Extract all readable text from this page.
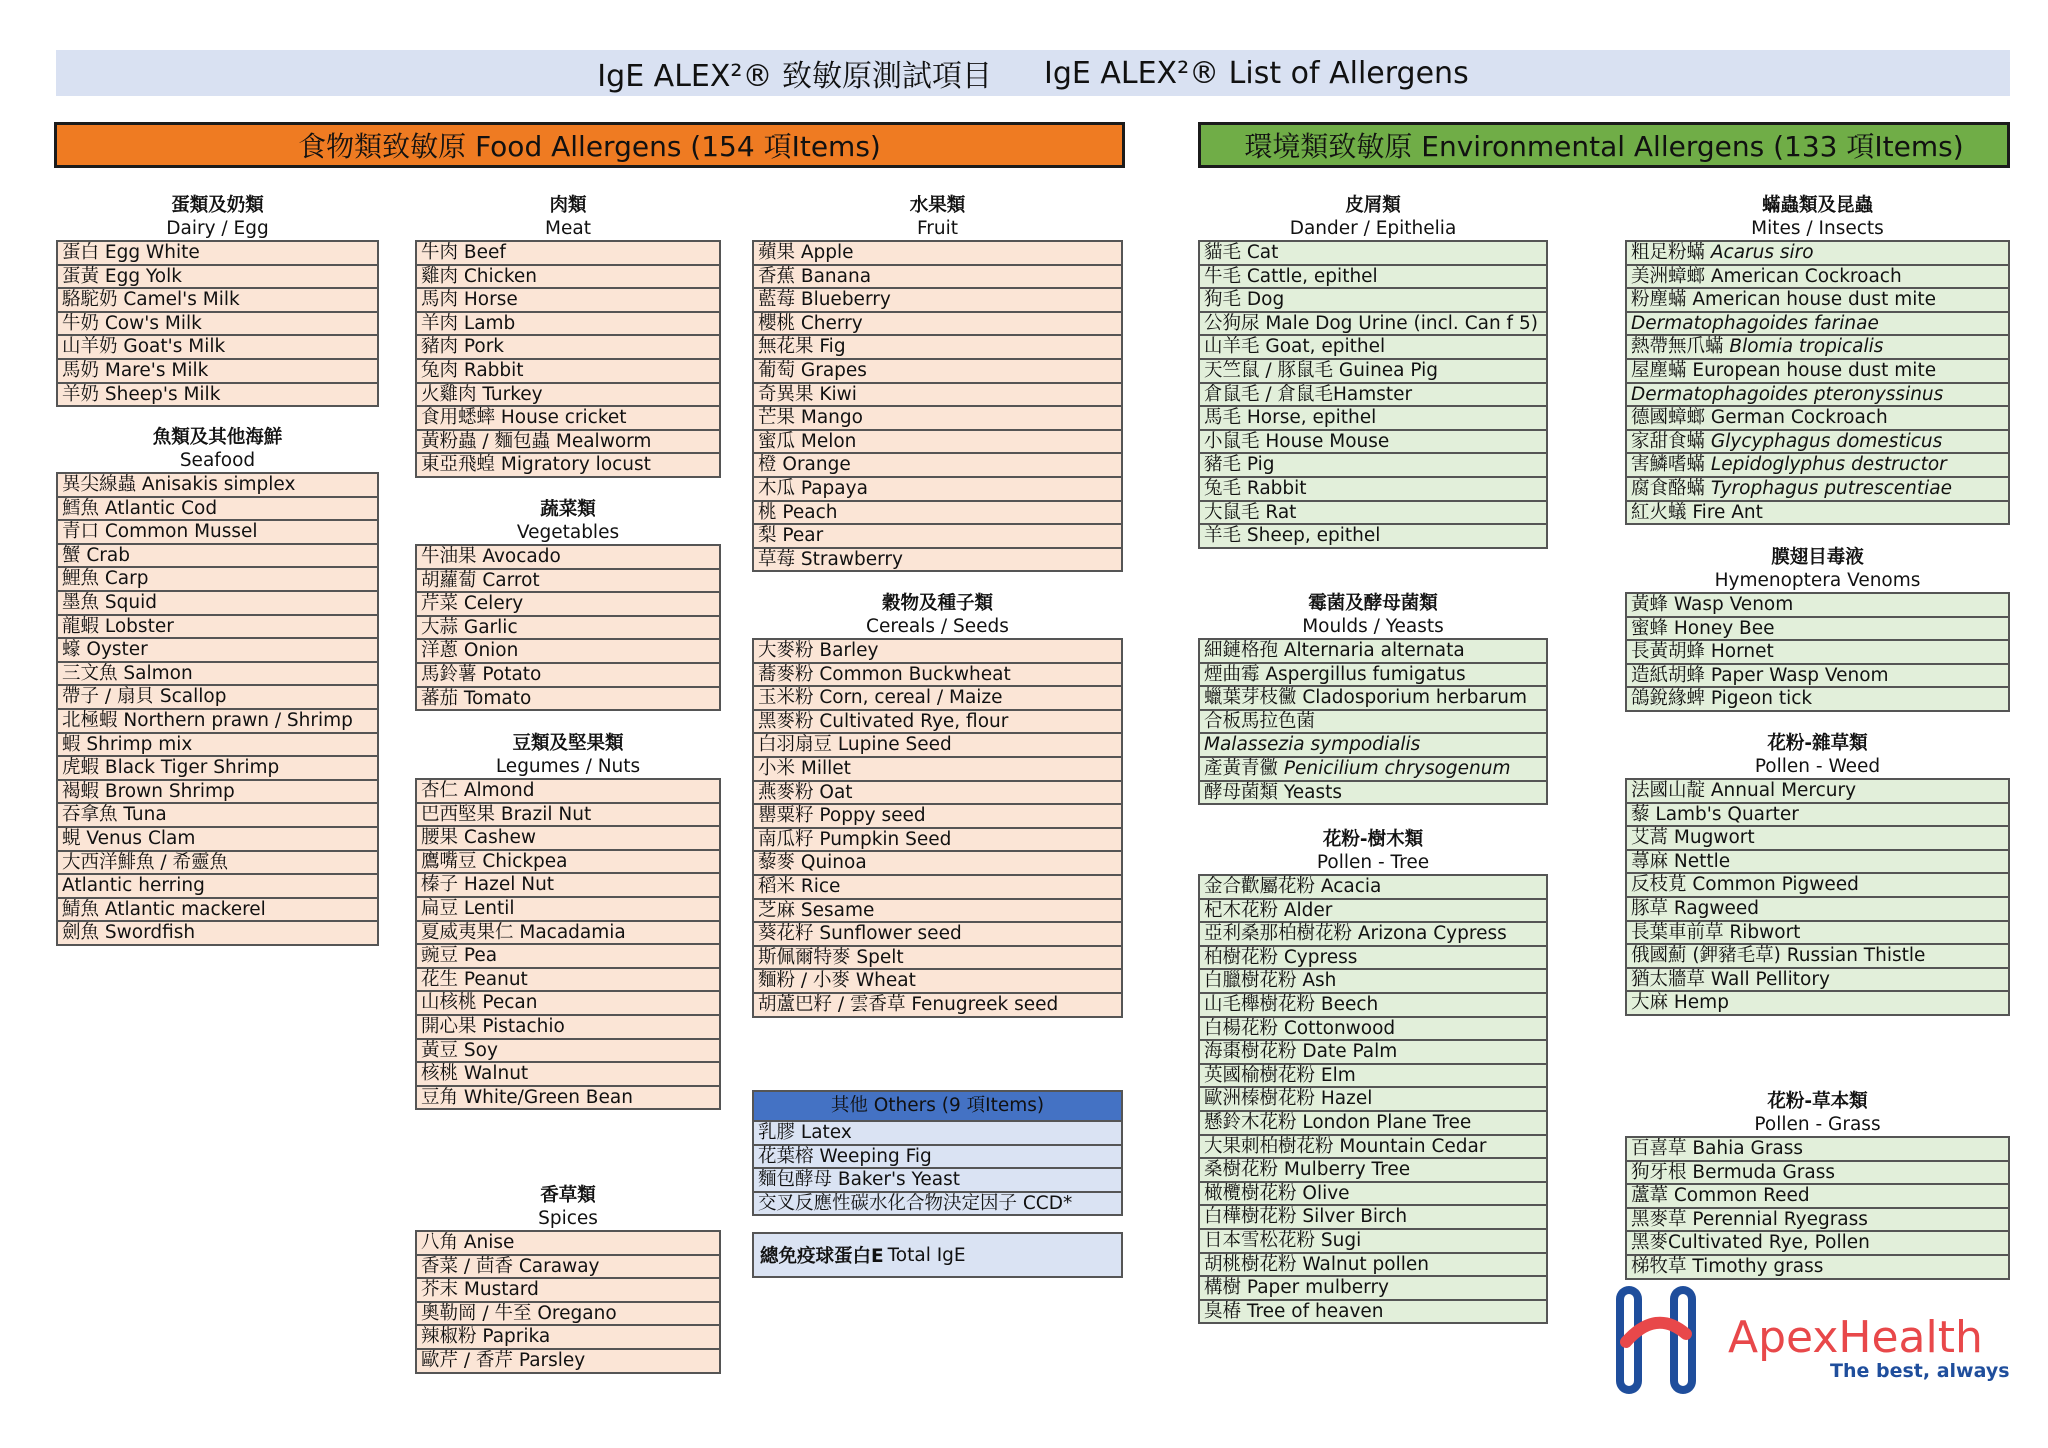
IgE ALEX²® 致敏原測試項目 IgE ALEX²® List of Allergens
食物類致敏原 Food Allergens (154 項Items)	環境類致敏原 Environmental Allergens (133 項Items)
蛋類及奶類
Dairy / Egg
蛋白 Egg White
蛋黃 Egg Yolk
駱駝奶 Camel's Milk
牛奶 Cow's Milk
山羊奶 Goat's Milk
馬奶 Mare's Milk
羊奶 Sheep's Milk
魚類及其他海鮮
Seafood
異尖線蟲 Anisakis simplex
鱈魚 Atlantic Cod
青口 Common Mussel
蟹 Crab
鯉魚 Carp
墨魚 Squid
龍蝦 Lobster
蠔 Oyster
三文魚 Salmon
帶子 / 扇貝 Scallop
北極蝦 Northern prawn / Shrimp
蝦 Shrimp mix
虎蝦 Black Tiger Shrimp
褐蝦 Brown Shrimp
吞拿魚 Tuna
蜆 Venus Clam
大西洋鯡魚 / 希靈魚
Atlantic herring
鯖魚 Atlantic mackerel
劍魚 Swordfish
肉類
Meat
牛肉 Beef
雞肉 Chicken
馬肉 Horse
羊肉 Lamb
豬肉 Pork
兔肉 Rabbit
火雞肉 Turkey
食用蟋蟀 House cricket
黃粉蟲 / 麵包蟲 Mealworm
東亞飛蝗 Migratory locust
蔬菜類
Vegetables
牛油果 Avocado
胡蘿蔔 Carrot
芹菜 Celery
大蒜 Garlic
洋蔥 Onion
馬鈴薯 Potato
蕃茄 Tomato
豆類及堅果類
Legumes / Nuts
杏仁 Almond
巴西堅果 Brazil Nut
腰果 Cashew
鷹嘴豆 Chickpea
榛子 Hazel Nut
扁豆 Lentil
夏威夷果仁 Macadamia
豌豆 Pea
花生 Peanut
山核桃 Pecan
開心果 Pistachio
黃豆 Soy
核桃 Walnut
豆角 White/Green Bean
香草類
Spices
八角 Anise
香菜 / 茴香 Caraway
芥末 Mustard
奧勒岡 / 牛至 Oregano
辣椒粉 Paprika
歐芹 / 香芹 Parsley
水果類
Fruit
蘋果 Apple
香蕉 Banana
藍莓 Blueberry
櫻桃 Cherry
無花果 Fig
葡萄 Grapes
奇異果 Kiwi
芒果 Mango
蜜瓜 Melon
橙 Orange
木瓜 Papaya
桃 Peach
梨 Pear
草莓 Strawberry
穀物及種子類
Cereals / Seeds
大麥粉 Barley
蕎麥粉 Common Buckwheat
玉米粉 Corn, cereal / Maize
黑麥粉 Cultivated Rye, flour
白羽扇豆 Lupine Seed
小米 Millet
燕麥粉 Oat
罌粟籽 Poppy seed
南瓜籽 Pumpkin Seed
藜麥 Quinoa
稻米 Rice
芝麻 Sesame
葵花籽 Sunflower seed
斯佩爾特麥 Spelt
麵粉 / 小麥 Wheat
胡蘆巴籽 / 雲香草 Fenugreek seed
皮屑類
Dander / Epithelia
貓毛 Cat
牛毛 Cattle, epithel
狗毛 Dog
公狗尿 Male Dog Urine (incl. Can f 5)
山羊毛 Goat, epithel
天竺鼠 / 豚鼠毛 Guinea Pig
倉鼠毛 / 倉鼠毛Hamster
馬毛 Horse, epithel
小鼠毛 House Mouse
豬毛 Pig
兔毛 Rabbit
大鼠毛 Rat
羊毛 Sheep, epithel
霉菌及酵母菌類
Moulds / Yeasts
細鏈格孢 Alternaria alternata
煙曲霉 Aspergillus fumigatus
蠟葉芽枝黴 Cladosporium herbarum
合板馬拉色菌
Malassezia sympodialis
產黃青黴 Penicilium chrysogenum
酵母菌類 Yeasts
花粉-樹木類
Pollen - Tree
金合歡屬花粉 Acacia
杞木花粉 Alder
亞利桑那柏樹花粉 Arizona Cypress
柏樹花粉 Cypress
白臘樹花粉 Ash
山毛櫸樹花粉 Beech
白楊花粉 Cottonwood
海棗樹花粉 Date Palm
英國榆樹花粉 Elm
歐洲榛樹花粉 Hazel
懸鈴木花粉 London Plane Tree
大果刺柏樹花粉 Mountain Cedar
桑樹花粉 Mulberry Tree
橄欖樹花粉 Olive
白樺樹花粉 Silver Birch
日本雪松花粉 Sugi
胡桃樹花粉 Walnut pollen
構樹 Paper mulberry
臭椿 Tree of heaven
蟎蟲類及昆蟲
Mites / Insects
粗足粉蟎 Acarus siro
美洲蟑螂 American Cockroach
粉塵蟎 American house dust mite
Dermatophagoides farinae
熱帶無爪蟎 Blomia tropicalis
屋塵蟎 European house dust mite
Dermatophagoides pteronyssinus
德國蟑螂 German Cockroach
家甜食蟎 Glycyphagus domesticus
害鱗嗜蟎 Lepidoglyphus destructor
腐食酪蟎 Tyrophagus putrescentiae
紅火蟻 Fire Ant
膜翅目毒液
Hymenoptera Venoms
黃蜂 Wasp Venom
蜜蜂 Honey Bee
長黃胡蜂 Hornet
造紙胡蜂 Paper Wasp Venom
鴿銳緣蜱 Pigeon tick
花粉-雜草類
Pollen - Weed
法國山靛 Annual Mercury
藜 Lamb's Quarter
艾蒿 Mugwort
蕁麻 Nettle
反枝莧 Common Pigweed
豚草 Ragweed
長葉車前草 Ribwort
俄國薊 (鉀豬毛草) Russian Thistle
猶太牆草 Wall Pellitory
大麻 Hemp
花粉-草本類
Pollen - Grass
百喜草 Bahia Grass
狗牙根 Bermuda Grass
蘆葦 Common Reed
黑麥草 Perennial Ryegrass
黑麥Cultivated Rye, Pollen
梯牧草 Timothy grass
其他 Others (9 項Items)
乳膠 Latex
花葉榕 Weeping Fig
麵包酵母 Baker's Yeast
交叉反應性碳水化合物決定因子 CCD*
總免疫球蛋白E Total IgE
ApexHealth
The best, always
